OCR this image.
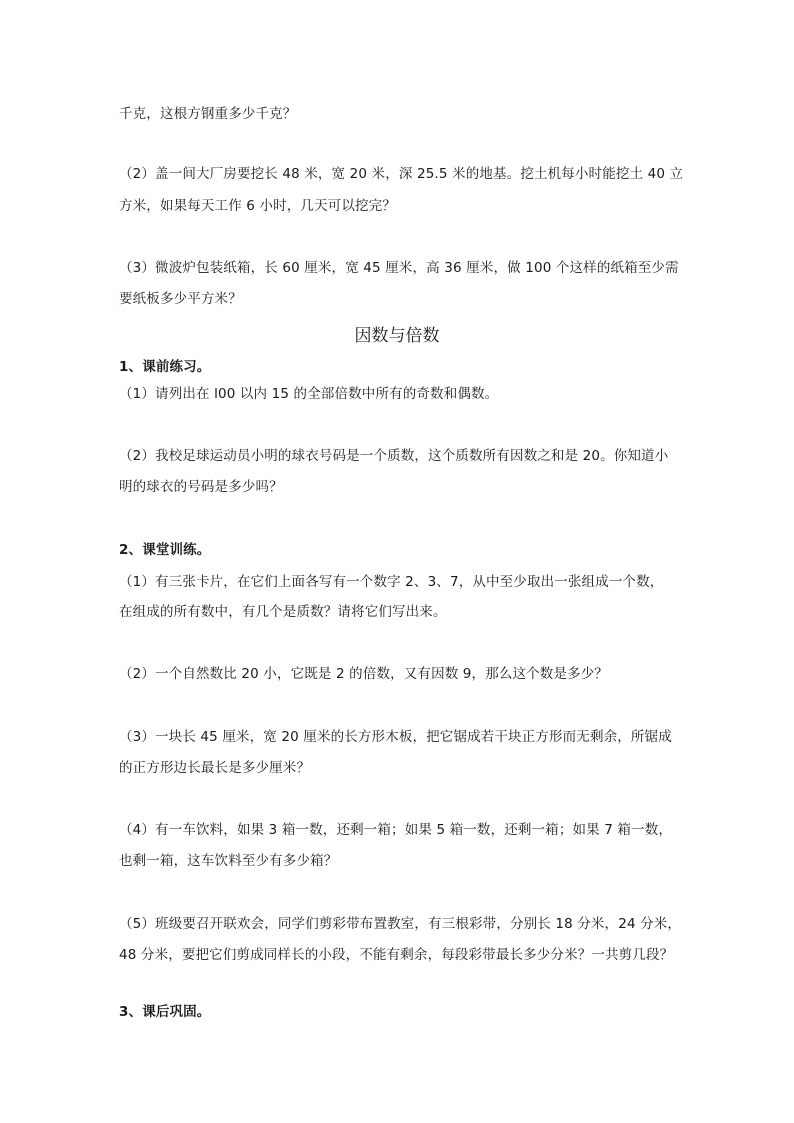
千克，这根方钢重多少千克？
（2）盖一间大厂房要挖长 48 米，宽 20 米，深 25.5 米的地基。挖土机每小时能挖土 40 立
方米，如果每天工作 6 小时，几天可以挖完？
（3）微波炉包装纸箱，长 60 厘米，宽 45 厘米，高 36 厘米，做 100 个这样的纸箱至少需
要纸板多少平方米？
因数与倍数
1、课前练习。
（1）请列出在 l00 以内 15 的全部倍数中所有的奇数和偶数。
（2）我校足球运动员小明的球衣号码是一个质数，这个质数所有因数之和是 20。你知道小
明的球衣的号码是多少吗？
2、课堂训练。
（1）有三张卡片，在它们上面各写有一个数字 2、3、7，从中至少取出一张组成一个数，
在组成的所有数中，有几个是质数？请将它们写出来。
（2）一个自然数比 20 小，它既是 2 的倍数，又有因数 9，那么这个数是多少？
（3）一块长 45 厘米，宽 20 厘米的长方形木板，把它锯成若干块正方形而无剩余，所锯成
的正方形边长最长是多少厘米？
（4）有一车饮料，如果 3 箱一数，还剩一箱；如果 5 箱一数，还剩一箱；如果 7 箱一数，
也剩一箱，这车饮料至少有多少箱？
（5）班级要召开联欢会，同学们剪彩带布置教室，有三根彩带，分别长 18 分米，24 分米，
48 分米，要把它们剪成同样长的小段，不能有剩余，每段彩带最长多少分米？一共剪几段？
3、课后巩固。
